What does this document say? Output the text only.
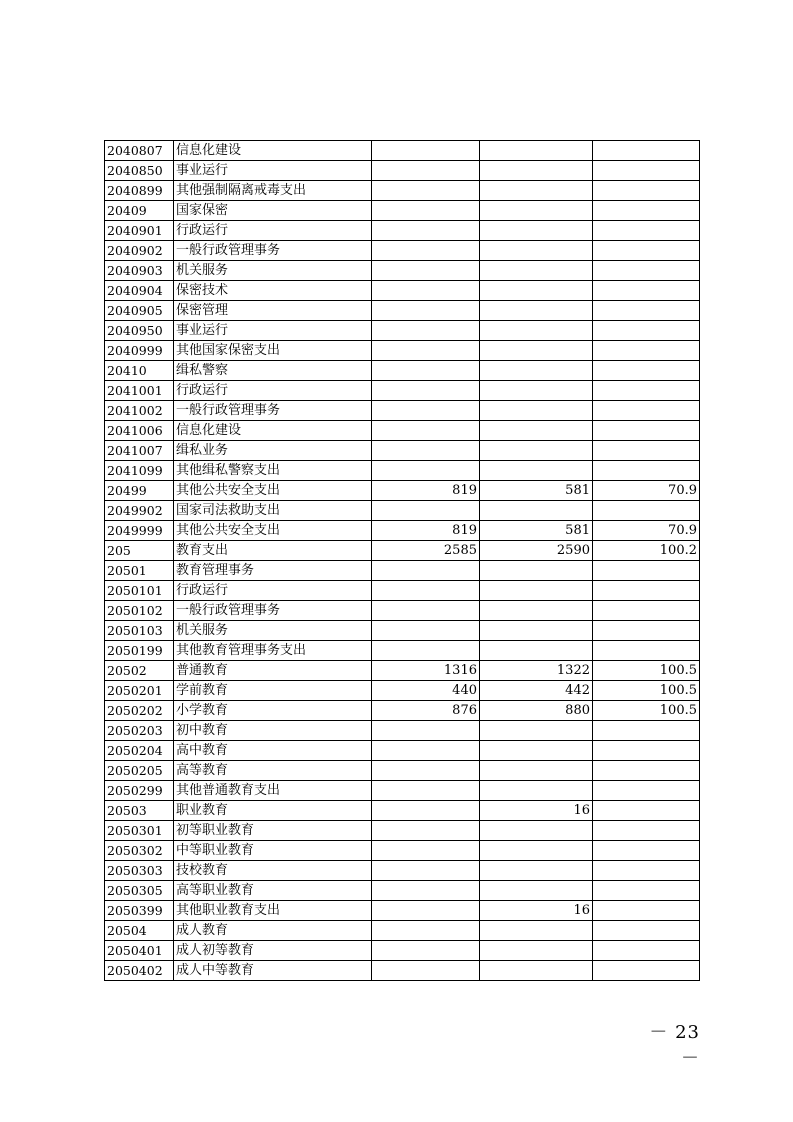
2040807	信息化建设			
2040850	事业运行			
2040899	其他强制隔离戒毒支出			
20409	国家保密			
2040901	行政运行			
2040902	一般行政管理事务			
2040903	机关服务			
2040904	保密技术			
2040905	保密管理			
2040950	事业运行			
2040999	其他国家保密支出			
20410	缉私警察			
2041001	行政运行			
2041002	一般行政管理事务			
2041006	信息化建设			
2041007	缉私业务			
2041099	其他缉私警察支出			
20499	其他公共安全支出	819	581	70.9
2049902	国家司法救助支出			
2049999	其他公共安全支出	819	581	70.9
205	教育支出	2585	2590	100.2
20501	教育管理事务			
2050101	行政运行			
2050102	一般行政管理事务			
2050103	机关服务			
2050199	其他教育管理事务支出			
20502	普通教育	1316	1322	100.5
2050201	学前教育	440	442	100.5
2050202	小学教育	876	880	100.5
2050203	初中教育			
2050204	高中教育			
2050205	高等教育			
2050299	其他普通教育支出			
20503	职业教育		16	
2050301	初等职业教育			
2050302	中等职业教育			
2050303	技校教育			
2050305	高等职业教育			
2050399	其他职业教育支出		16	
20504	成人教育			
2050401	成人初等教育			
2050402	成人中等教育			
－ 23 －
